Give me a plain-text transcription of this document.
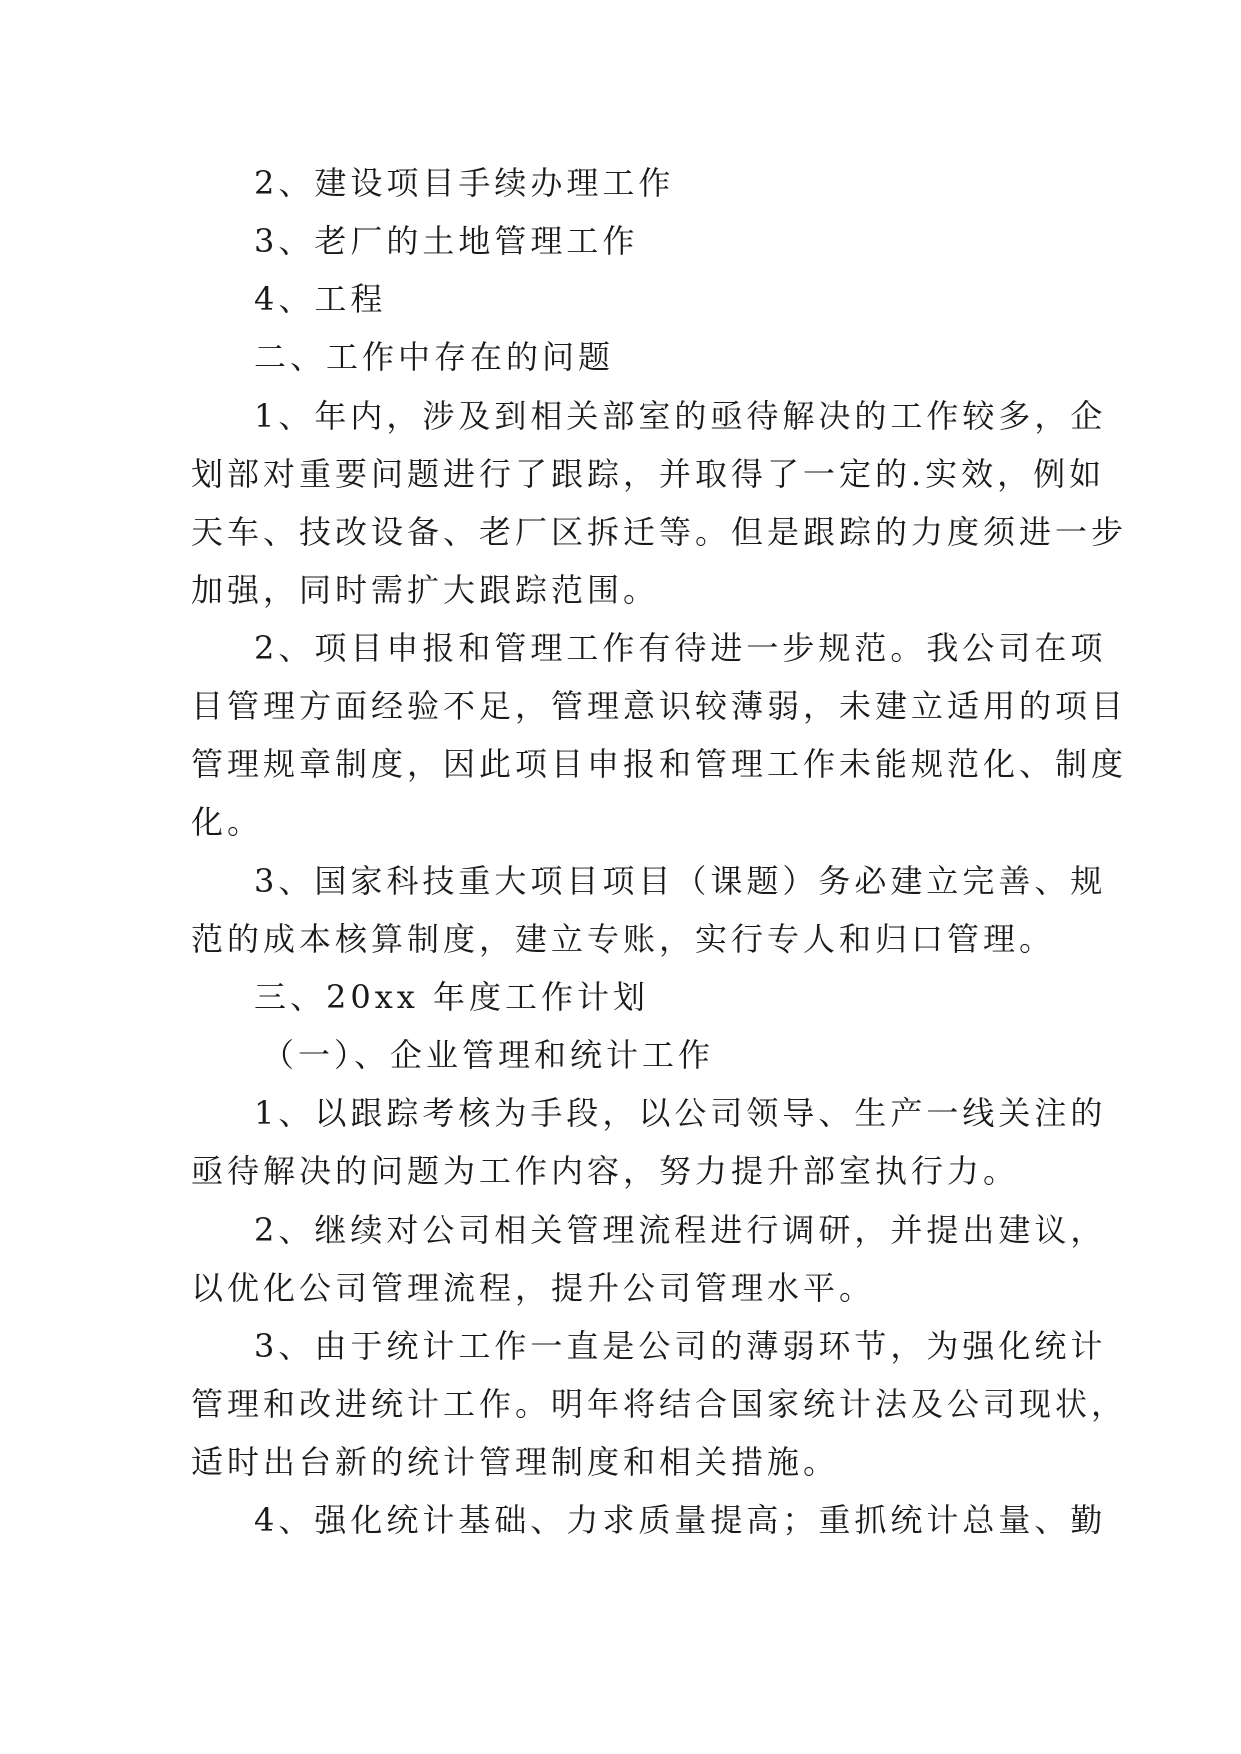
2、建设项目手续办理工作
3、老厂的土地管理工作
4、工程
二、工作中存在的问题
1、年内，涉及到相关部室的亟待解决的工作较多，企
划部对重要问题进行了跟踪，并取得了一定的.实效，例如
天车、技改设备、老厂区拆迁等。但是跟踪的力度须进一步
加强，同时需扩大跟踪范围。
2、项目申报和管理工作有待进一步规范。我公司在项
目管理方面经验不足，管理意识较薄弱，未建立适用的项目
管理规章制度，因此项目申报和管理工作未能规范化、制度
化。
3、国家科技重大项目项目（课题）务必建立完善、规
范的成本核算制度，建立专账，实行专人和归口管理。
三、20xx 年度工作计划
（一）、企业管理和统计工作
1、以跟踪考核为手段，以公司领导、生产一线关注的
亟待解决的问题为工作内容，努力提升部室执行力。
2、继续对公司相关管理流程进行调研，并提出建议，
以优化公司管理流程，提升公司管理水平。
3、由于统计工作一直是公司的薄弱环节，为强化统计
管理和改进统计工作。明年将结合国家统计法及公司现状，
适时出台新的统计管理制度和相关措施。
4、强化统计基础、力求质量提高；重抓统计总量、勤
